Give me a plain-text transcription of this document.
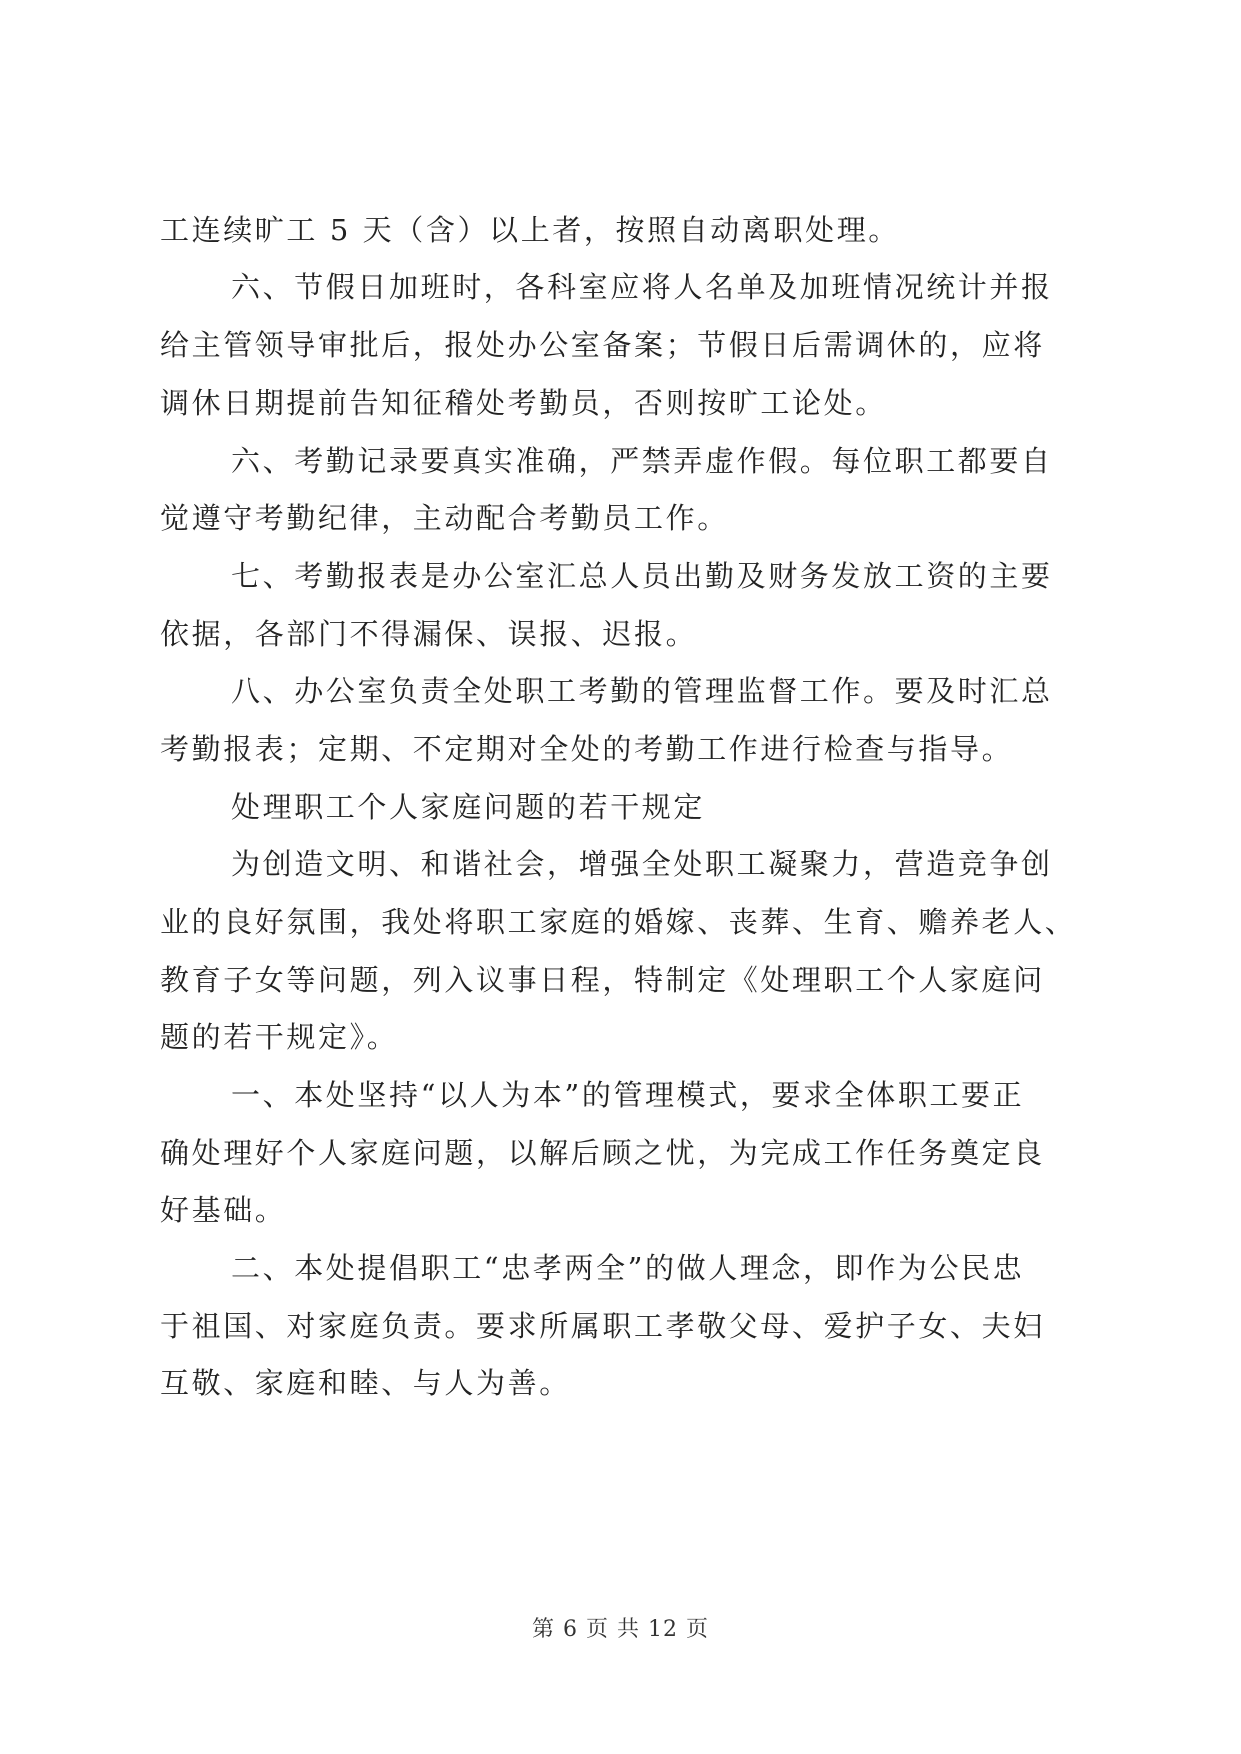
工连续旷工 5 天（含）以上者，按照自动离职处理。
六、节假日加班时，各科室应将人名单及加班情况统计并报
给主管领导审批后，报处办公室备案；节假日后需调休的，应将
调休日期提前告知征稽处考勤员，否则按旷工论处。
六、考勤记录要真实准确，严禁弄虚作假。每位职工都要自
觉遵守考勤纪律，主动配合考勤员工作。
七、考勤报表是办公室汇总人员出勤及财务发放工资的主要
依据，各部门不得漏保、误报、迟报。
八、办公室负责全处职工考勤的管理监督工作。要及时汇总
考勤报表；定期、不定期对全处的考勤工作进行检查与指导。
处理职工个人家庭问题的若干规定
为创造文明、和谐社会，增强全处职工凝聚力，营造竞争创
业的良好氛围，我处将职工家庭的婚嫁、丧葬、生育、赡养老人、
教育子女等问题，列入议事日程，特制定《处理职工个人家庭问
题的若干规定》。
一、本处坚持“以人为本”的管理模式，要求全体职工要正
确处理好个人家庭问题，以解后顾之忧，为完成工作任务奠定良
好基础。
二、本处提倡职工“忠孝两全”的做人理念，即作为公民忠
于祖国、对家庭负责。要求所属职工孝敬父母、爱护子女、夫妇
互敬、家庭和睦、与人为善。
第 6 页 共 12 页
